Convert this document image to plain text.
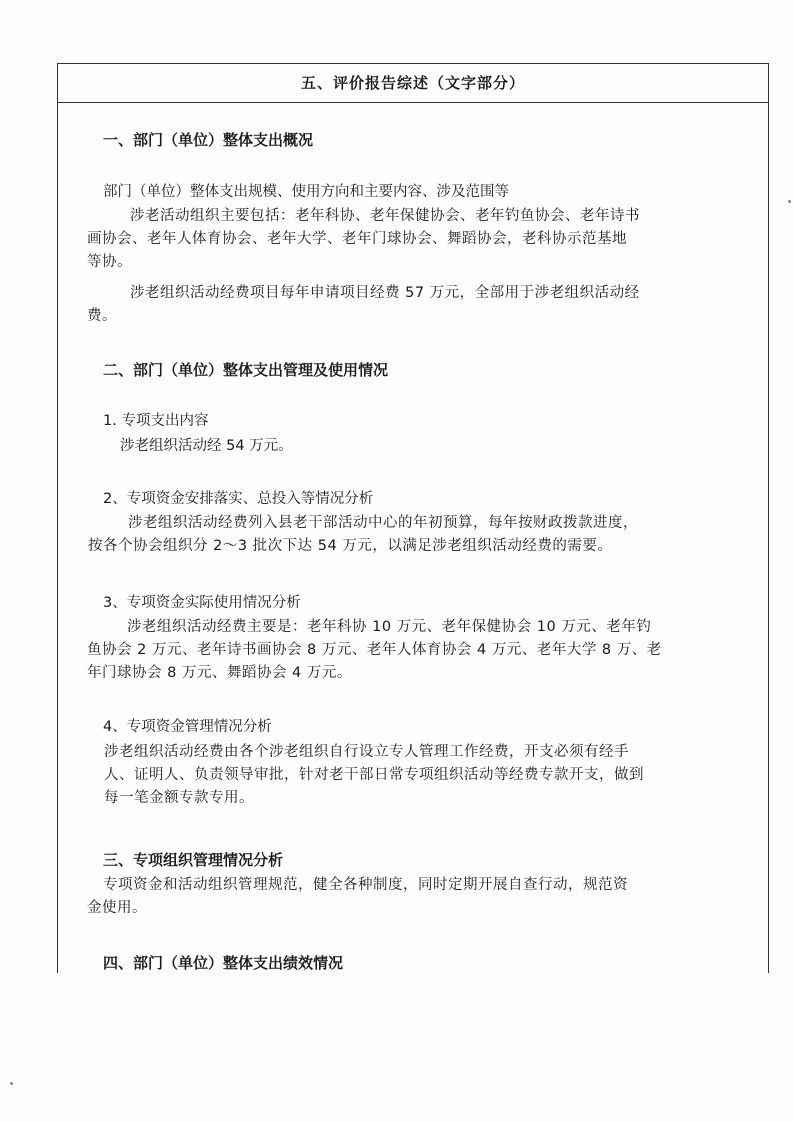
五、评价报告综述（文字部分）
一、部门（单位）整体支出概况
部门（单位）整体支出规模、使用方向和主要内容、涉及范围等
涉老活动组织主要包括：老年科协、老年保健协会、老年钓鱼协会、老年诗书
画协会、老年人体育协会、老年大学、老年门球协会、舞蹈协会，老科协示范基地
等协。
涉老组织活动经费项目每年申请项目经费 57 万元，全部用于涉老组织活动经
费。
二、部门（单位）整体支出管理及使用情况
1. 专项支出内容
涉老组织活动经 54 万元。
2、专项资金安排落实、总投入等情况分析
涉老组织活动经费列入县老干部活动中心的年初预算，每年按财政拨款进度，
按各个协会组织分 2～3 批次下达 54 万元，以满足涉老组织活动经费的需要。
3、专项资金实际使用情况分析
涉老组织活动经费主要是：老年科协 10 万元、老年保健协会 10 万元、老年钓
鱼协会 2 万元、老年诗书画协会 8 万元、老年人体育协会 4 万元、老年大学 8 万、老
年门球协会 8 万元、舞蹈协会 4 万元。
4、专项资金管理情况分析
涉老组织活动经费由各个涉老组织自行设立专人管理工作经费，开支必须有经手
人、证明人、负责领导审批，针对老干部日常专项组织活动等经费专款开支，做到
每一笔金额专款专用。
三、专项组织管理情况分析
专项资金和活动组织管理规范，健全各种制度，同时定期开展自查行动，规范资
金使用。
四、部门（单位）整体支出绩效情况
